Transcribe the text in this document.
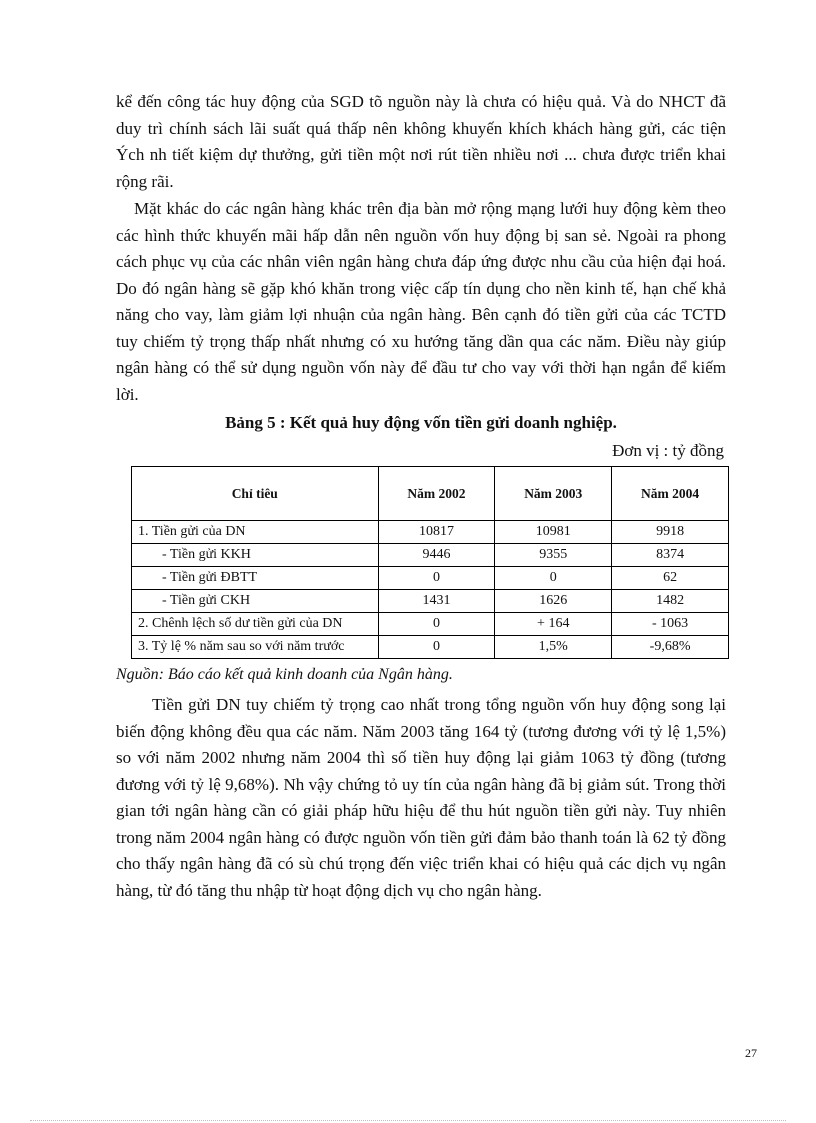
kể đến công tác huy động của SGD tõ nguồn này là chưa có hiệu quả. Và do NHCT đã duy trì chính sách lãi suất quá thấp nên không khuyến khích khách hàng gửi, các tiện Ých nh tiết kiệm dự thưởng, gửi tiền một nơi rút tiền nhiều nơi ... chưa được triển khai rộng rãi.

Mặt khác do các ngân hàng khác trên địa bàn mở rộng mạng lưới huy động kèm theo các hình thức khuyến mãi hấp dẫn nên nguồn vốn huy động bị san sẻ. Ngoài ra phong cách phục vụ của các nhân viên ngân hàng chưa đáp ứng được nhu cầu của hiện đại hoá. Do đó ngân hàng sẽ gặp khó khăn trong việc cấp tín dụng cho nền kinh tế, hạn chế khả năng cho vay, làm giảm lợi nhuận của ngân hàng. Bên cạnh đó tiền gửi của các TCTD tuy chiếm tỷ trọng thấp nhất nhưng có xu hướng tăng dần qua các năm. Điều này giúp ngân hàng có thể sử dụng nguồn vốn này để đầu tư cho vay với thời hạn ngắn để kiếm lời.

Bảng 5 : Kết quả huy động vốn tiền gửi doanh nghiệp.

Đơn vị : tỷ đồng

Chỉ tiêu	Năm 2002	Năm 2003	Năm 2004
1. Tiền gửi của DN	10817	10981	9918
- Tiền gửi KKH	9446	9355	8374
- Tiền gửi ĐBTT	0	0	62
- Tiền gửi CKH	1431	1626	1482
2. Chênh lệch số dư tiền gửi của DN	0	+ 164	- 1063
3. Tỷ lệ % năm sau so với năm trước	0	1,5%	-9,68%

Nguồn: Báo cáo kết quả kinh doanh của Ngân hàng.

Tiền gửi DN tuy chiếm tỷ trọng cao nhất trong tổng nguồn vốn huy động song lại biến động không đều qua các năm. Năm 2003 tăng 164 tỷ (tương đương với tỷ lệ 1,5%) so với năm 2002 nhưng năm 2004 thì số tiền huy động lại giảm 1063 tỷ đồng (tương đương với tỷ lệ 9,68%). Nh vậy chứng tỏ uy tín của ngân hàng đã bị giảm sút. Trong thời gian tới ngân hàng cần có giải pháp hữu hiệu để thu hút nguồn tiền gửi này. Tuy nhiên trong năm 2004 ngân hàng có được nguồn vốn tiền gửi đảm bảo thanh toán là 62 tỷ đồng cho thấy ngân hàng đã có sù chú trọng đến việc triển khai có hiệu quả các dịch vụ ngân hàng, từ đó tăng thu nhập từ hoạt động dịch vụ cho ngân hàng.

27
